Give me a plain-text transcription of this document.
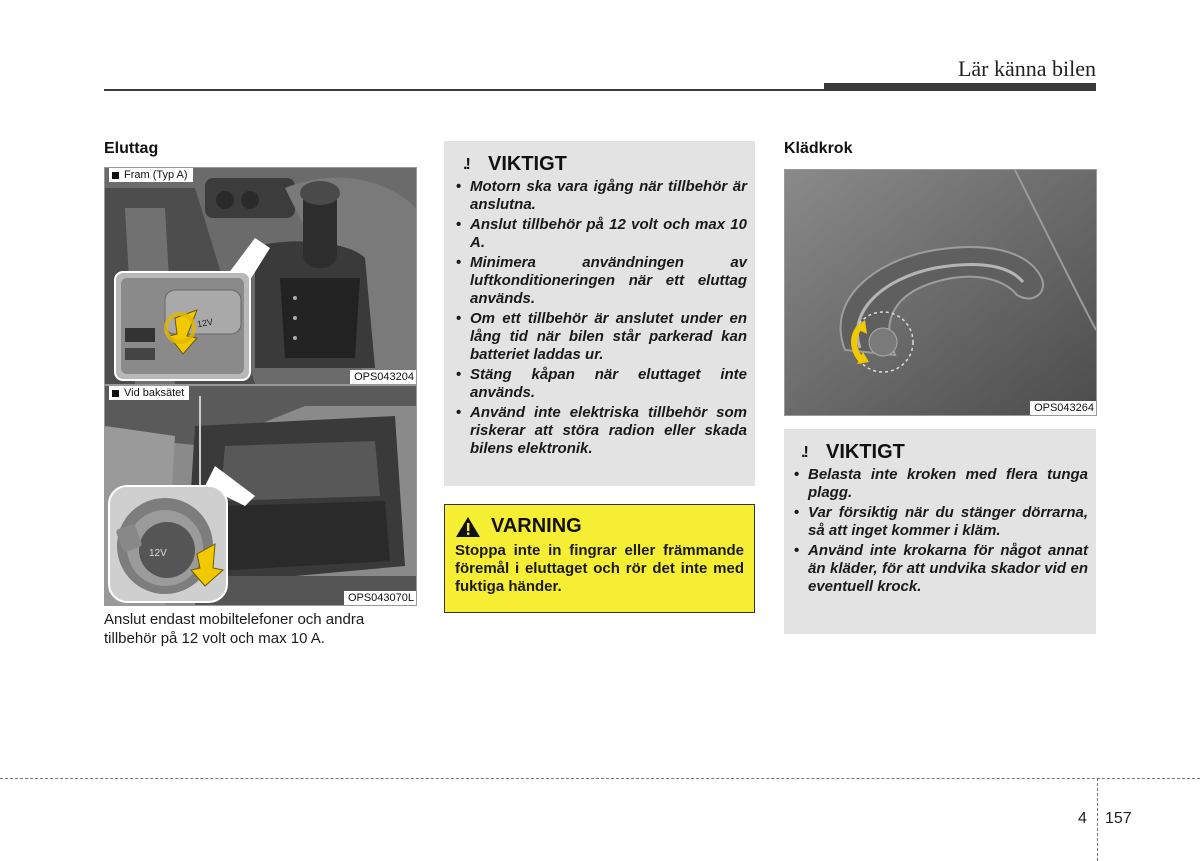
Lär känna bilen
Eluttag
12V
Fram (Typ A)
OPS043204
12V
Vid baksätet
OPS043070L
Anslut endast mobiltelefoner och andra tillbehör på 12 volt och max 10 A.
.! VIKTIGT
• Motorn ska vara igång när tillbehör är anslutna.
• Anslut tillbehör på 12 volt och max 10 A.
• Minimera användningen av luftkonditioneringen när ett eluttag används.
• Om ett tillbehör är anslutet under en lång tid när bilen står parkerad kan batteriet laddas ur.
• Stäng kåpan när eluttaget inte används.
• Använd inte elektriska tillbehör som riskerar att störa radion eller skada bilens elektronik.
VARNING
Stoppa inte in fingrar eller främmande föremål i eluttaget och rör det inte med fuktiga händer.
Klädkrok
OPS043264
.! VIKTIGT
• Belasta inte kroken med flera tunga plagg.
• Var försiktig när du stänger dörrarna, så att inget kommer i kläm.
• Använd inte krokarna för något annat än kläder, för att undvika skador vid en eventuell krock.
4 157
